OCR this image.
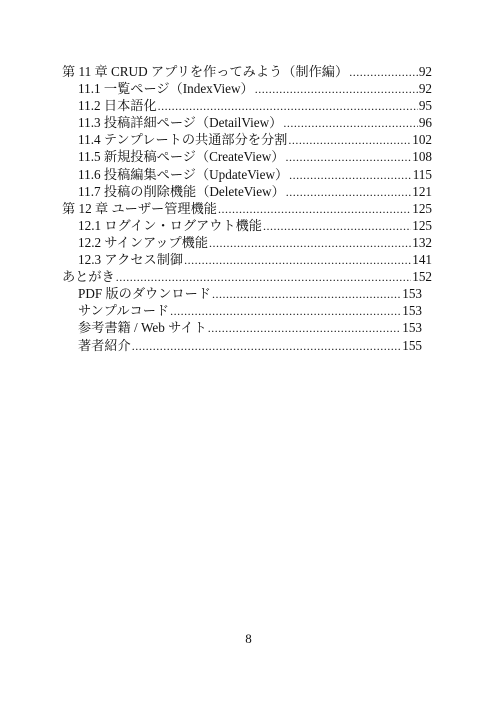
第 11 章 CRUD アプリを作ってみよう（制作編） .....	92
11.1 一覧ページ（IndexView） .....	92
11.2 日本語化 .....	95
11.3 投稿詳細ページ（DetailView） .....	96
11.4 テンプレートの共通部分を分割 .....	102
11.5 新規投稿ページ（CreateView） .....	108
11.6 投稿編集ページ（UpdateView） .....	115
11.7 投稿の削除機能（DeleteView） .....	121
第 12 章 ユーザー管理機能 .....	125
12.1 ログイン・ログアウト機能 .....	125
12.2 サインアップ機能 .....	132
12.3 アクセス制御 .....	141
あとがき .....	152
PDF 版のダウンロード .....	153
サンプルコード .....	153
参考書籍 / Web サイト .....	153
著者紹介 .....	155
8
